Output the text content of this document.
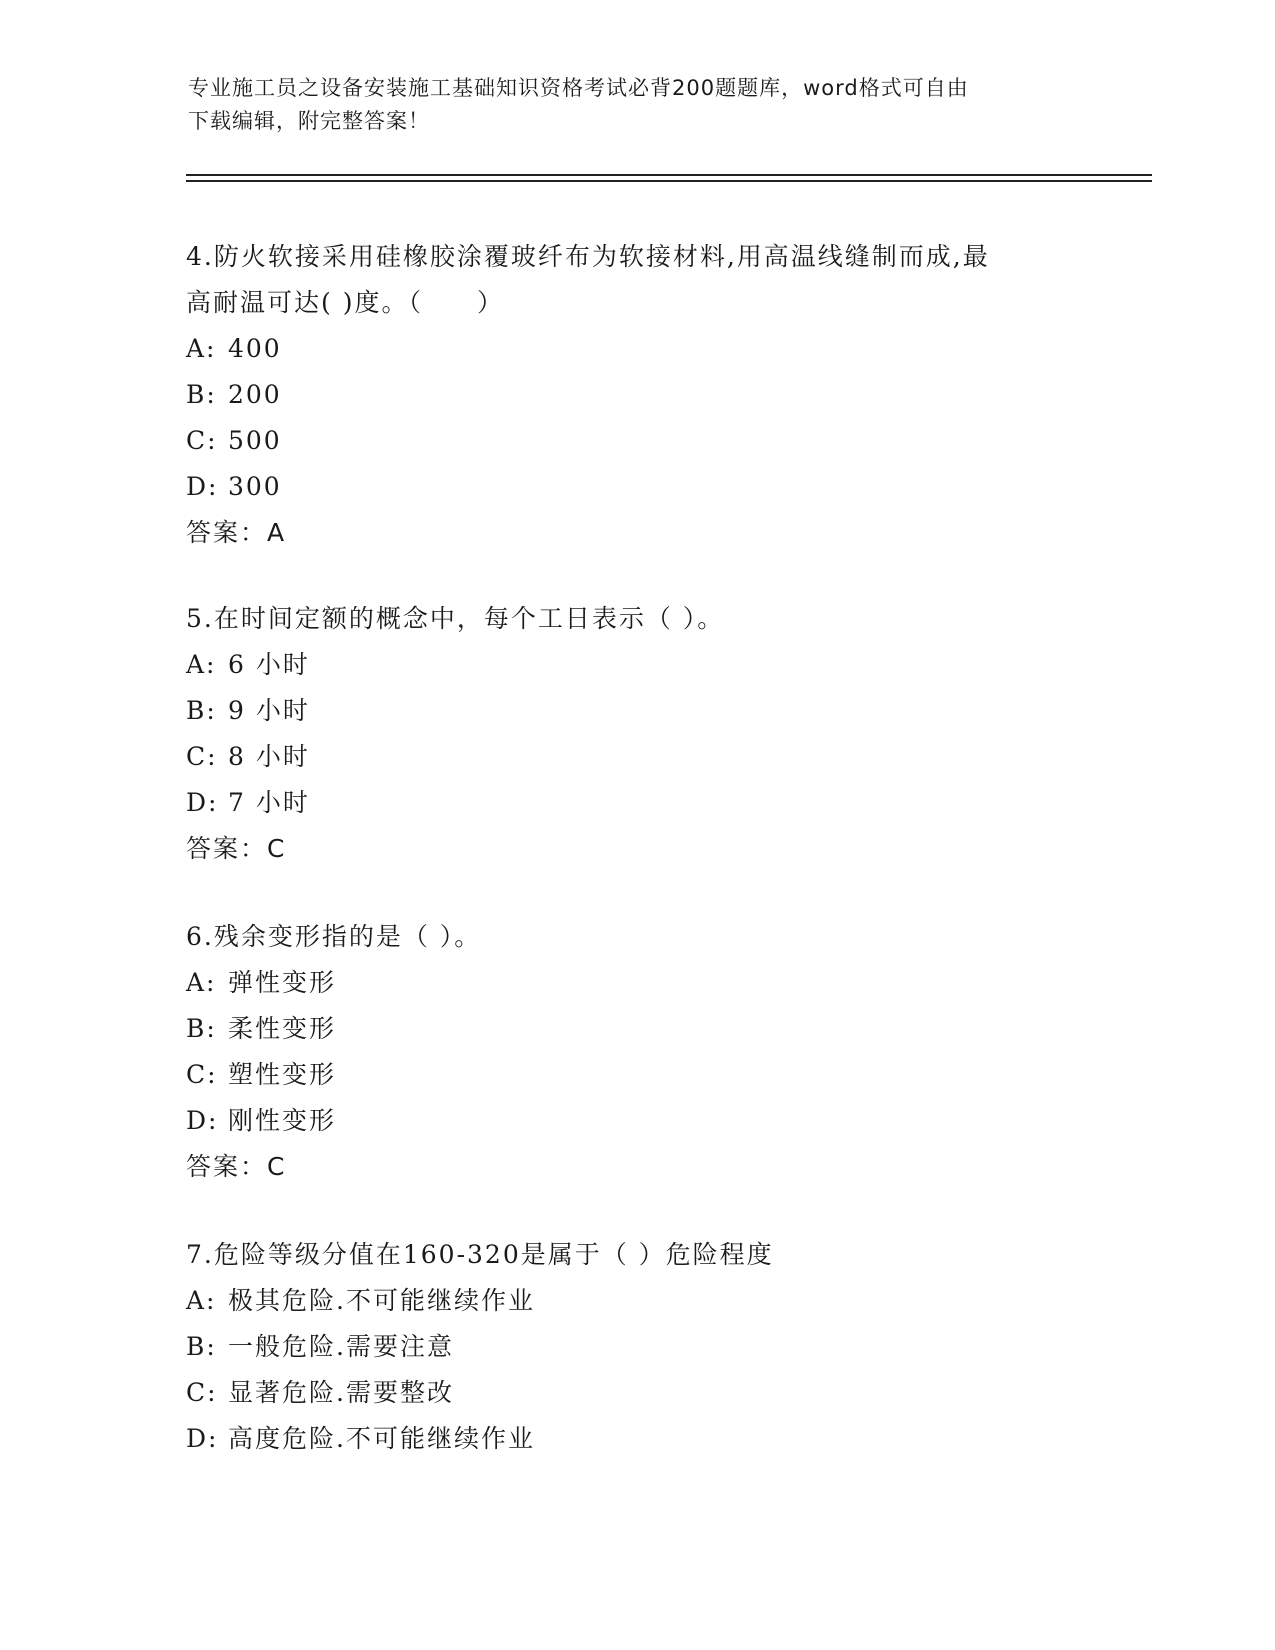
专业施工员之设备安装施工基础知识资格考试必背200题题库，word格式可自由
下载编辑，附完整答案！

4.防火软接采用硅橡胶涂覆玻纤布为软接材料,用高温线缝制而成,最

高耐温可达( )度。（　　）

A: 400

B: 200

C: 500

D: 300

答案：A

5.在时间定额的概念中，每个工日表示（ ）。

A: 6 小时

B: 9 小时

C: 8 小时

D: 7 小时

答案：C

6.残余变形指的是（ ）。

A: 弹性变形

B: 柔性变形

C: 塑性变形

D: 刚性变形

答案：C

7.危险等级分值在160-320是属于（ ）危险程度

A: 极其危险.不可能继续作业

B: 一般危险.需要注意

C: 显著危险.需要整改

D: 高度危险.不可能继续作业
